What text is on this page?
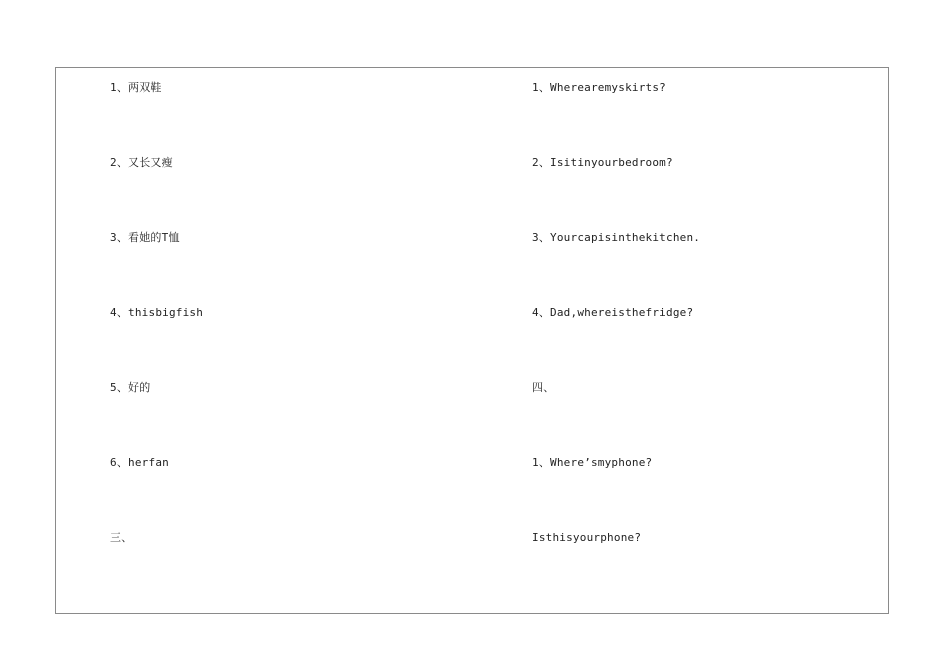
1、两双鞋
2、又长又瘦
3、看她的T恤
4、thisbigfish
5、好的
6、herfan
三、
1、Wherearemyskirts?
2、Isitinyourbedroom?
3、Yourcapisinthekitchen.
4、Dad,whereisthefridge?
四、
1、Where’smyphone?
Isthisyourphone?
